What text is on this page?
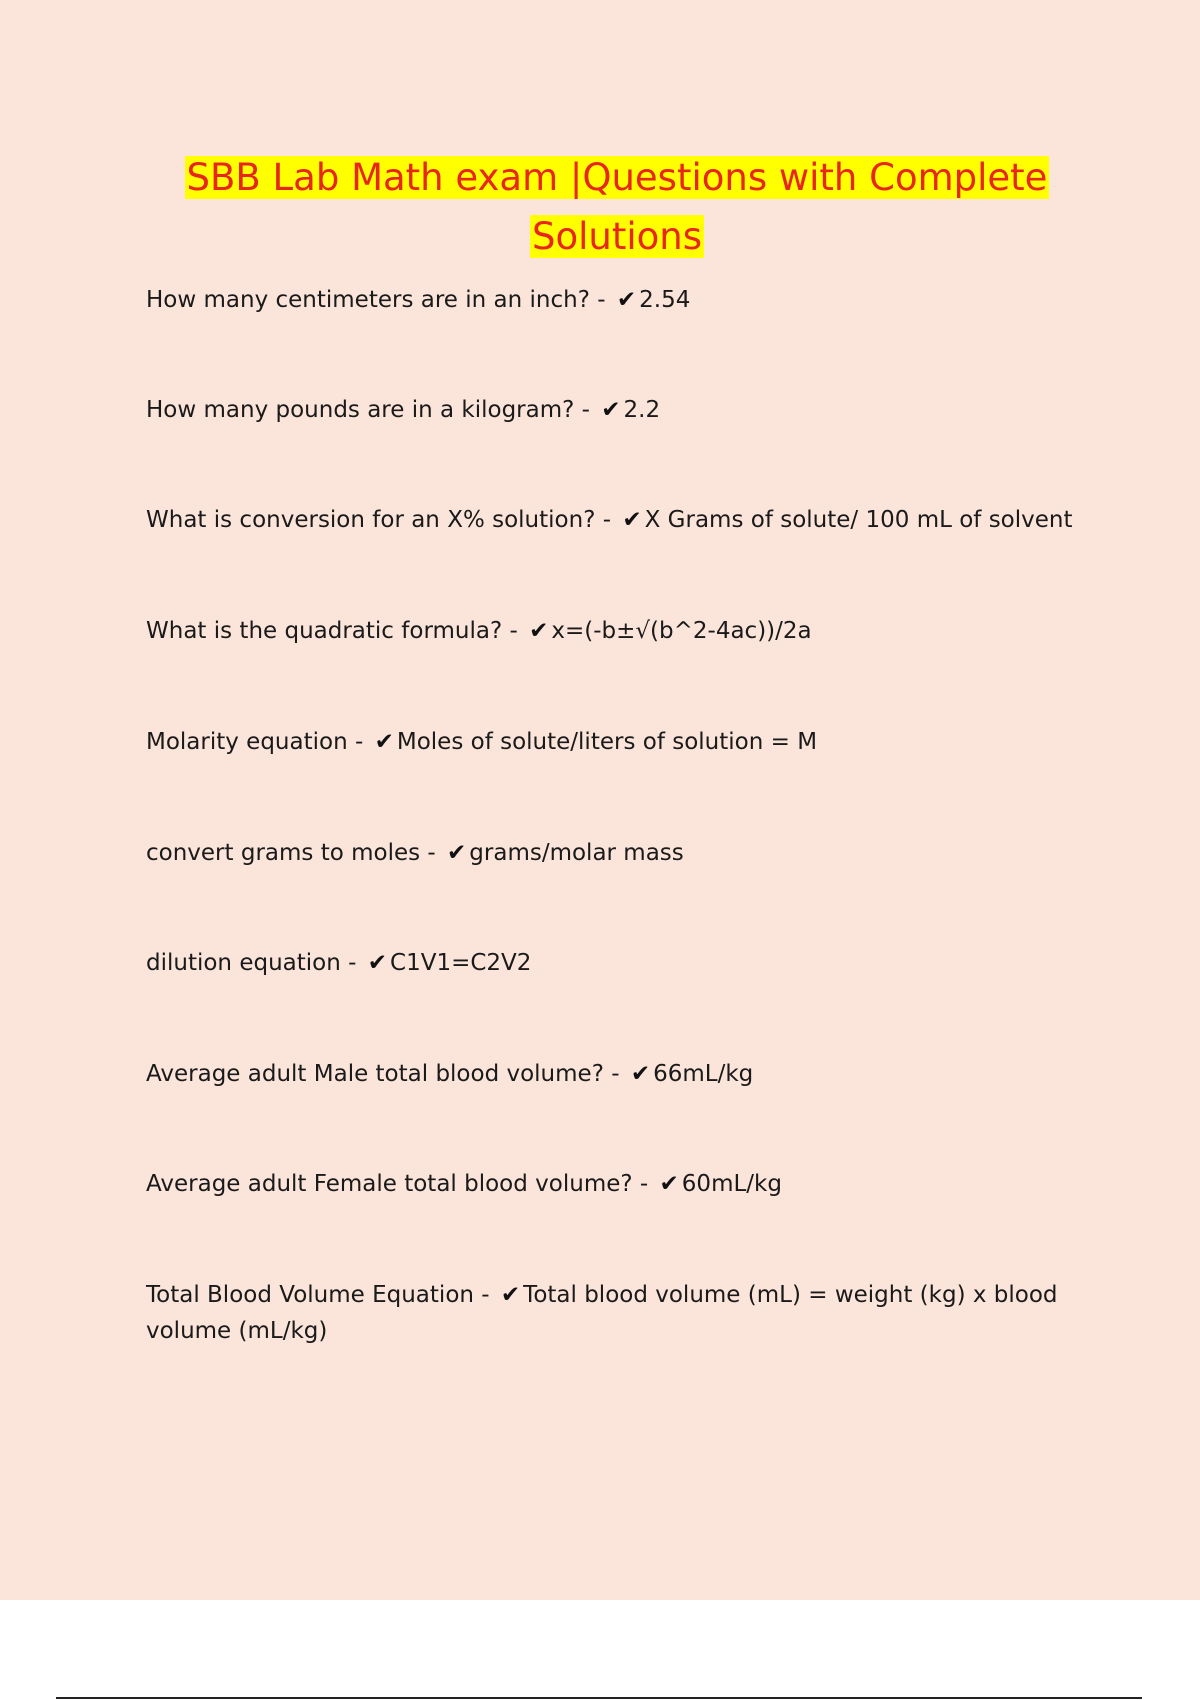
SBB Lab Math exam |Questions with Complete
Solutions

How many centimeters are in an inch? - ✔ 2.54

How many pounds are in a kilogram? - ✔ 2.2

What is conversion for an X% solution? - ✔ X Grams of solute/ 100 mL of solvent

What is the quadratic formula? - ✔ x=(-b±√(b^2-4ac))/2a

Molarity equation - ✔ Moles of solute/liters of solution = M

convert grams to moles - ✔ grams/molar mass

dilution equation - ✔ C1V1=C2V2

Average adult Male total blood volume? - ✔ 66mL/kg

Average adult Female total blood volume? - ✔ 60mL/kg

Total Blood Volume Equation - ✔ Total blood volume (mL) = weight (kg) x blood volume (mL/kg)
